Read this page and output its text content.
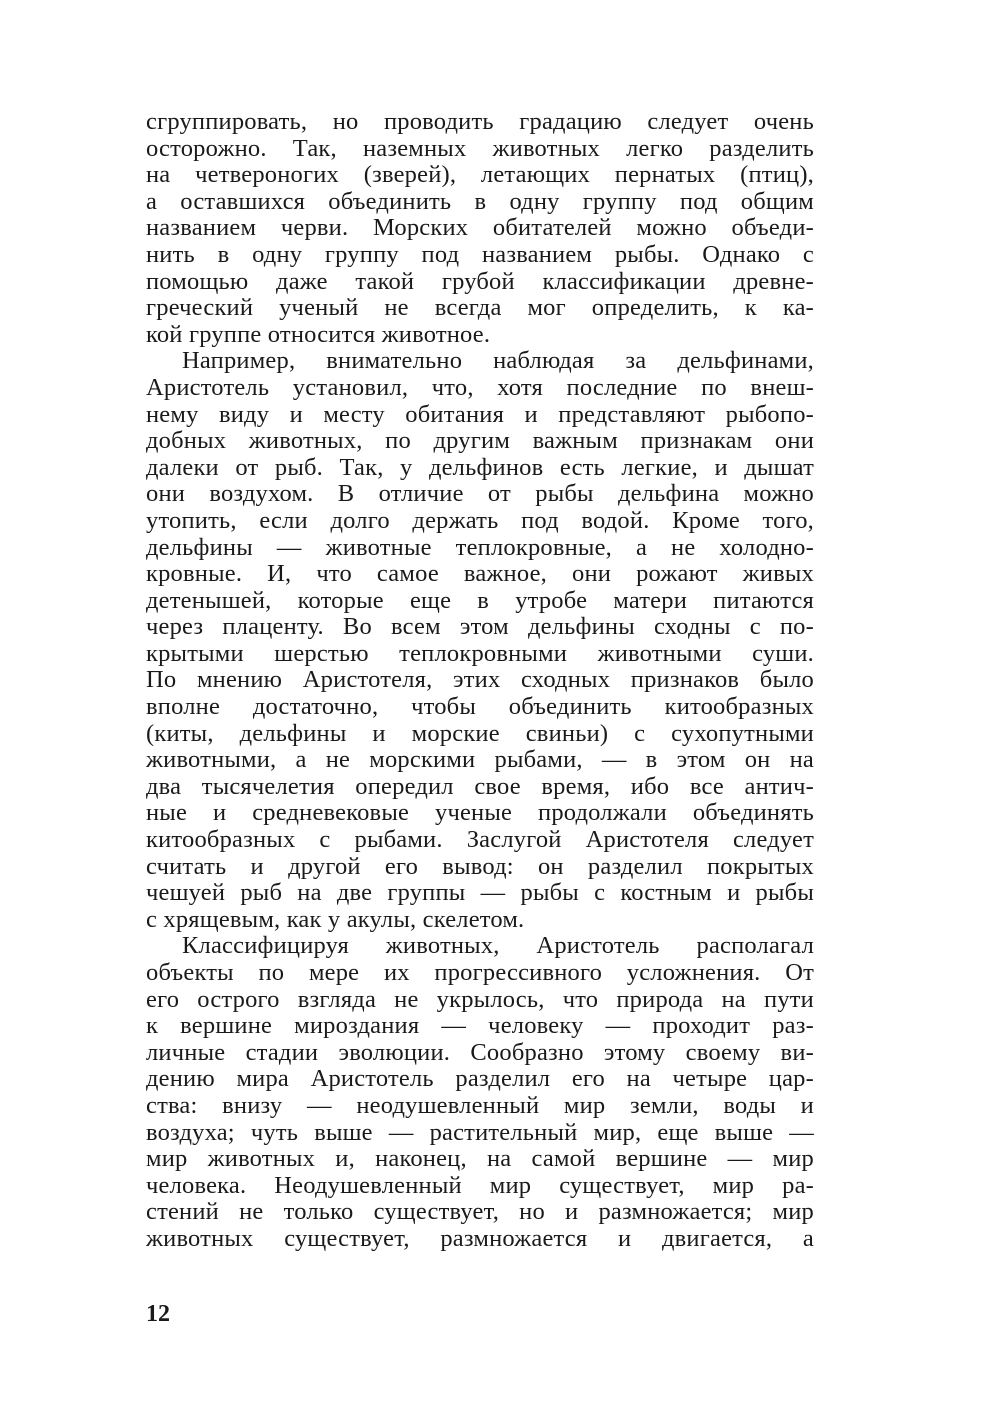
сгруппировать, но проводить градацию следует очень
осторожно. Так, наземных животных легко разделить
на четвероногих (зверей), летающих пернатых (птиц),
а оставшихся объединить в одну группу под общим
названием черви. Морских обитателей можно объеди-
нить в одну группу под названием рыбы. Однако с
помощью даже такой грубой классификации древне-
греческий ученый не всегда мог определить, к ка-
кой группе относится животное.
Например, внимательно наблюдая за дельфинами,
Аристотель установил, что, хотя последние по внеш-
нему виду и месту обитания и представляют рыбопо-
добных животных, по другим важным признакам они
далеки от рыб. Так, у дельфинов есть легкие, и дышат
они воздухом. В отличие от рыбы дельфина можно
утопить, если долго держать под водой. Кроме того,
дельфины — животные теплокровные, а не холодно-
кровные. И, что самое важное, они рожают живых
детенышей, которые еще в утробе матери питаются
через плаценту. Во всем этом дельфины сходны с по-
крытыми шерстью теплокровными животными суши.
По мнению Аристотеля, этих сходных признаков было
вполне достаточно, чтобы объединить китообразных
(киты, дельфины и морские свиньи) с сухопутными
животными, а не морскими рыбами, — в этом он на
два тысячелетия опередил свое время, ибо все антич-
ные и средневековые ученые продолжали объединять
китообразных с рыбами. Заслугой Аристотеля следует
считать и другой его вывод: он разделил покрытых
чешуей рыб на две группы — рыбы с костным и рыбы
с хрящевым, как у акулы, скелетом.
Классифицируя животных, Аристотель располагал
объекты по мере их прогрессивного усложнения. От
его острого взгляда не укрылось, что природа на пути
к вершине мироздания — человеку — проходит раз-
личные стадии эволюции. Сообразно этому своему ви-
дению мира Аристотель разделил его на четыре цар-
ства: внизу — неодушевленный мир земли, воды и
воздуха; чуть выше — растительный мир, еще выше —
мир животных и, наконец, на самой вершине — мир
человека. Неодушевленный мир существует, мир ра-
стений не только существует, но и размножается; мир
животных существует, размножается и двигается, а
12
